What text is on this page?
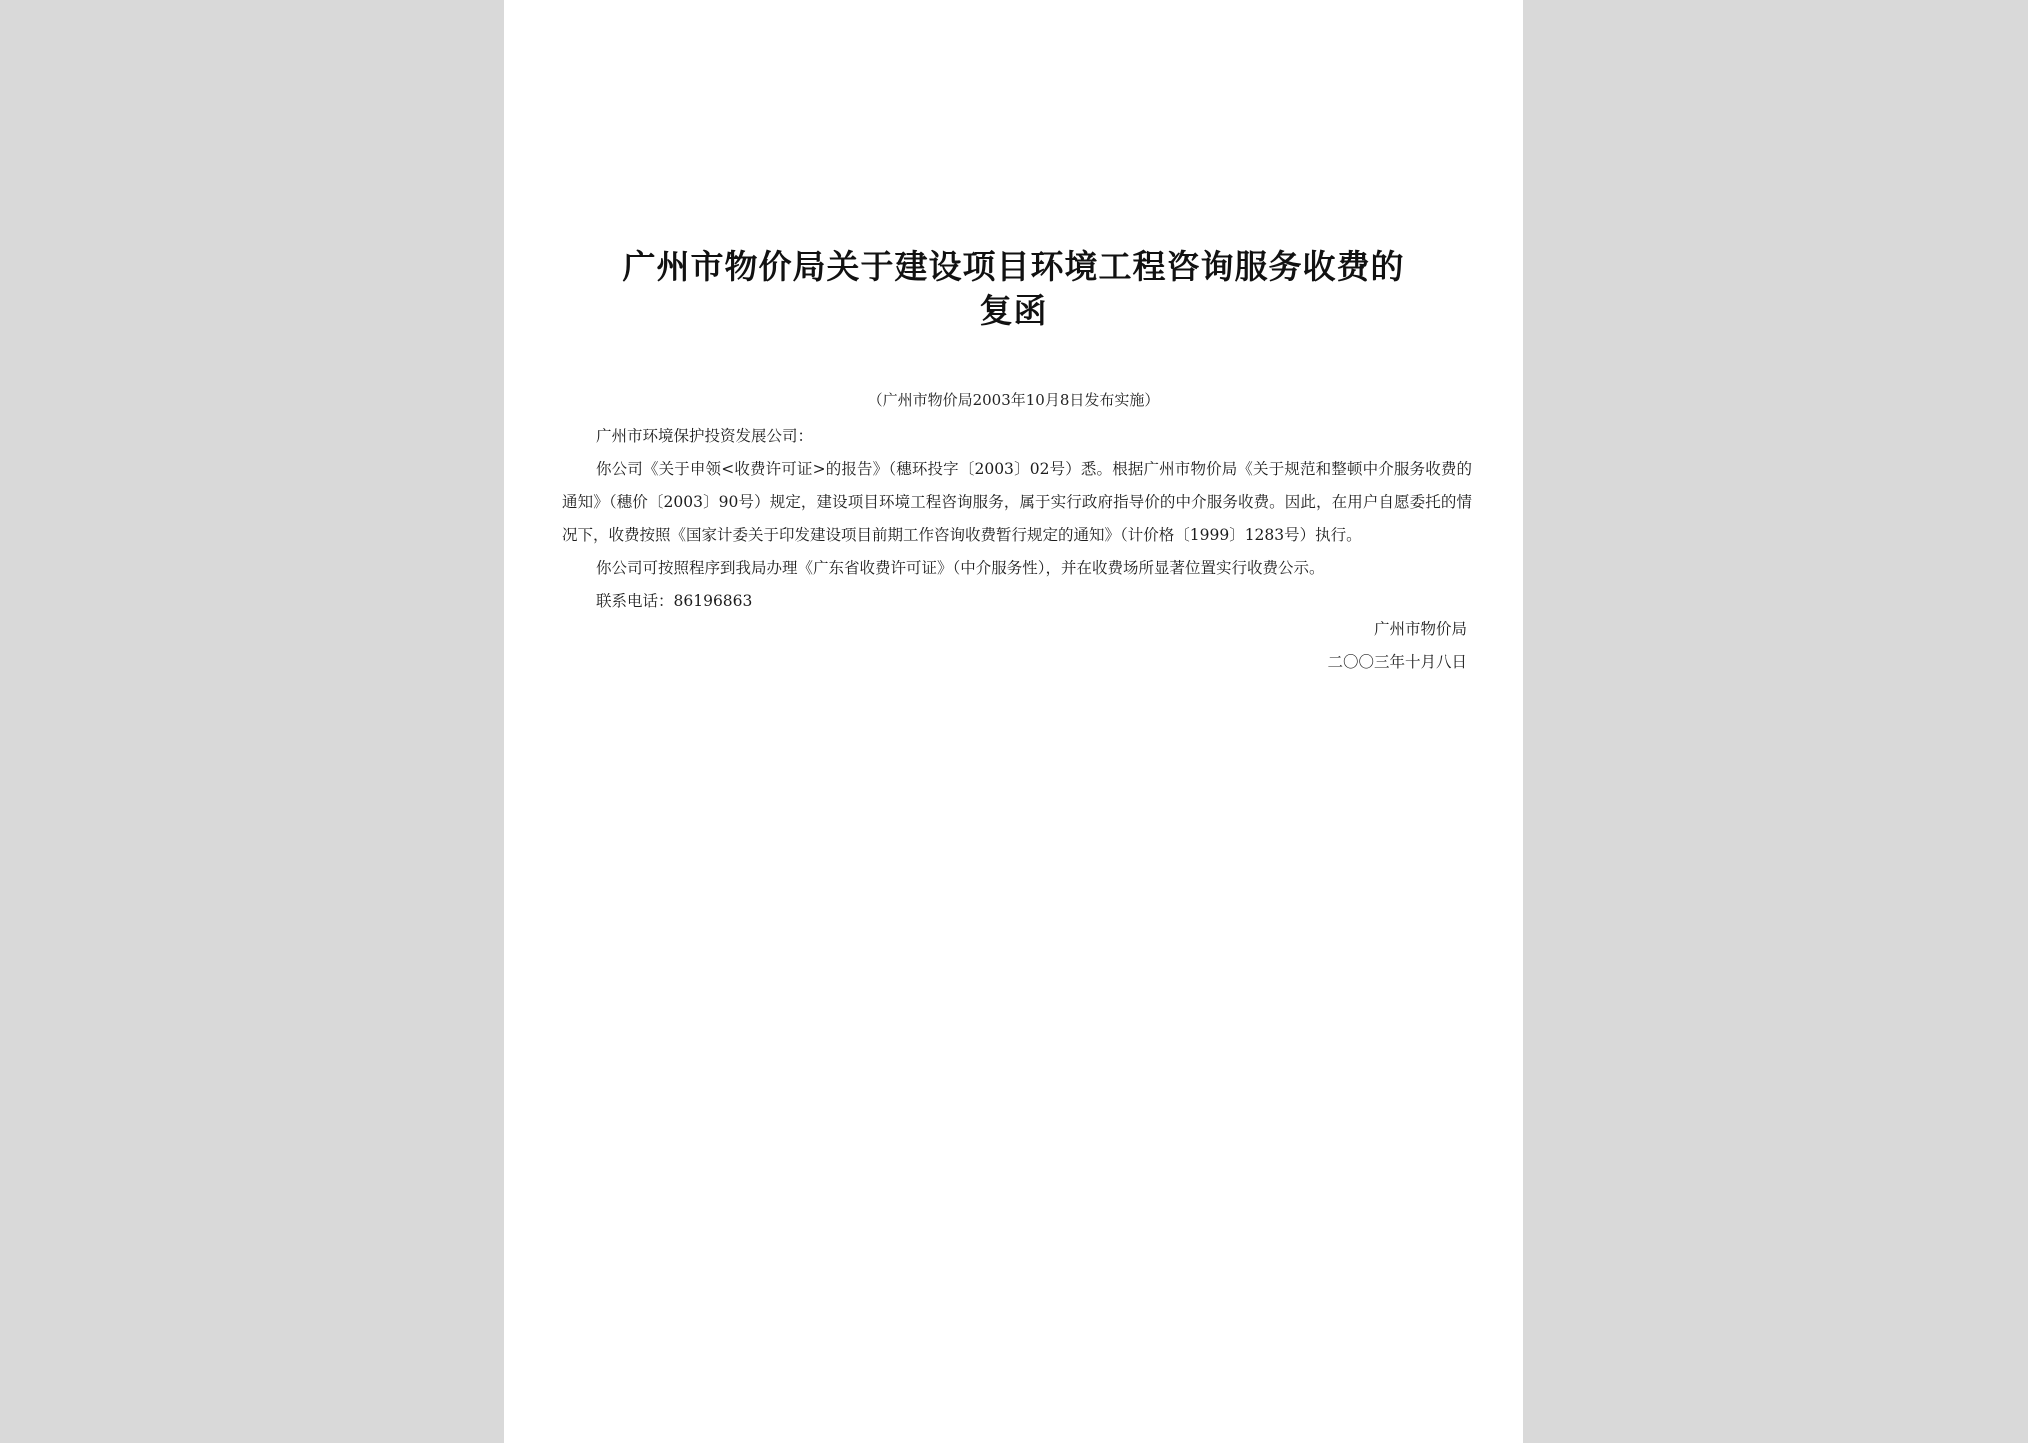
广州市物价局关于建设项目环境工程咨询服务收费的
复函
（广州市物价局2003年10月8日发布实施）

广州市环境保护投资发展公司：

你公司《关于申领<收费许可证>的报告》（穗环投字〔2003〕02号）悉。根据广州市物价局《关于规范和整顿中介服务收费的通知》（穗价〔2003〕90号）规定，建设项目环境工程咨询服务，属于实行政府指导价的中介服务收费。因此，在用户自愿委托的情况下，收费按照《国家计委关于印发建设项目前期工作咨询收费暂行规定的通知》（计价格〔1999〕1283号）执行。

你公司可按照程序到我局办理《广东省收费许可证》（中介服务性），并在收费场所显著位置实行收费公示。

联系电话：86196863

广州市物价局
二〇〇三年十月八日
